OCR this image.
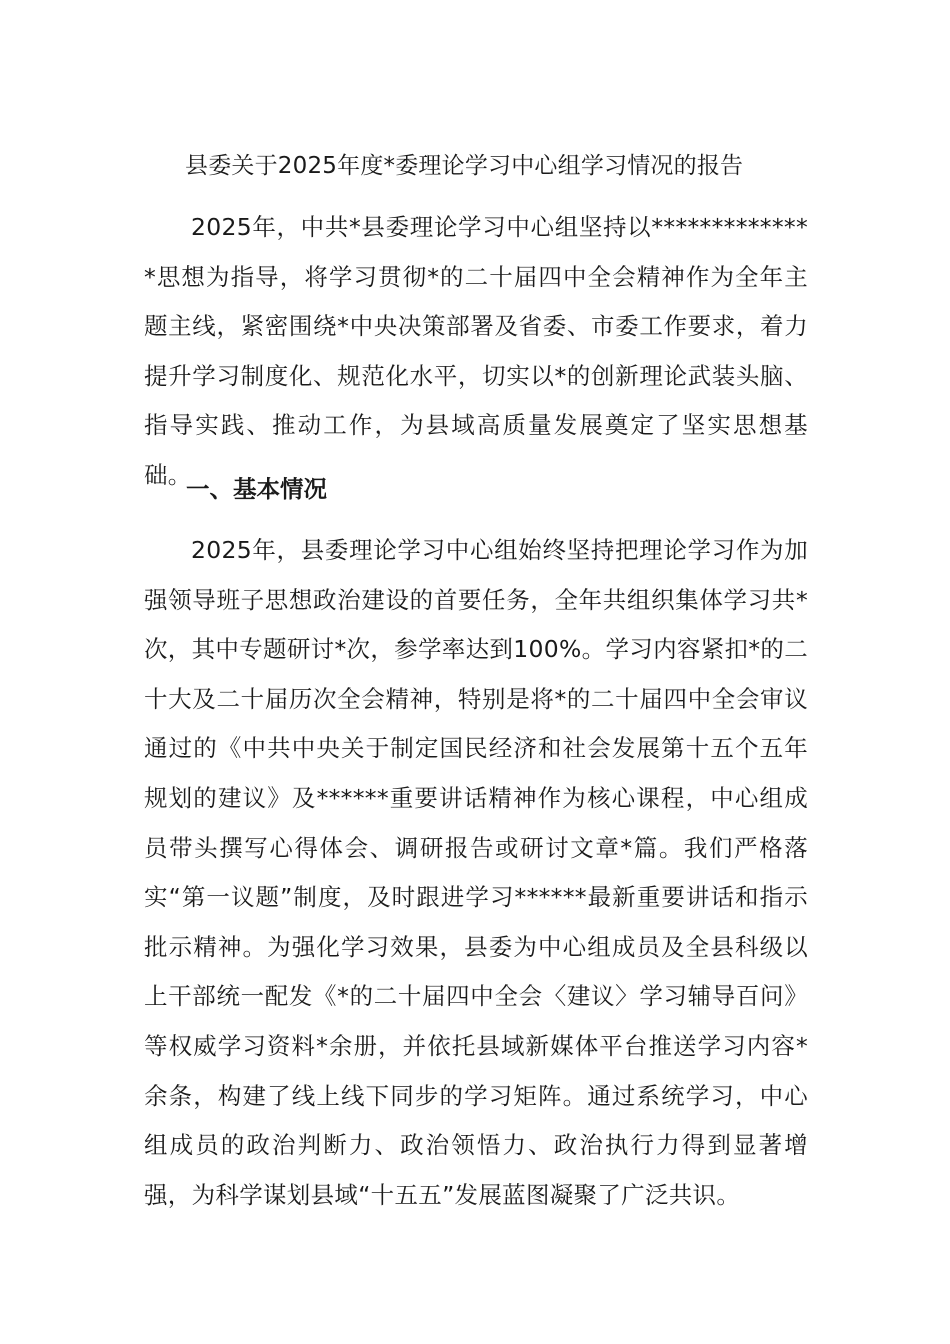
县委关于2025年度*委理论学习中心组学习情况的报告

2025年，中共*县委理论学习中心组坚持以**************思想为指导，将学习贯彻*的二十届四中全会精神作为全年主题主线，紧密围绕*中央决策部署及省委、市委工作要求，着力提升学习制度化、规范化水平，切实以*的创新理论武装头脑、指导实践、推动工作，为县域高质量发展奠定了坚实思想基础。

一、基本情况

2025年，县委理论学习中心组始终坚持把理论学习作为加强领导班子思想政治建设的首要任务，全年共组织集体学习共*次，其中专题研讨*次，参学率达到100%。学习内容紧扣*的二十大及二十届历次全会精神，特别是将*的二十届四中全会审议通过的《中共中央关于制定国民经济和社会发展第十五个五年规划的建议》及******重要讲话精神作为核心课程，中心组成员带头撰写心得体会、调研报告或研讨文章*篇。我们严格落实“第一议题”制度，及时跟进学习******最新重要讲话和指示批示精神。为强化学习效果，县委为中心组成员及全县科级以上干部统一配发《*的二十届四中全会〈建议〉学习辅导百问》等权威学习资料*余册，并依托县域新媒体平台推送学习内容*余条，构建了线上线下同步的学习矩阵。通过系统学习，中心组成员的政治判断力、政治领悟力、政治执行力得到显著增强，为科学谋划县域“十五五”发展蓝图凝聚了广泛共识。
